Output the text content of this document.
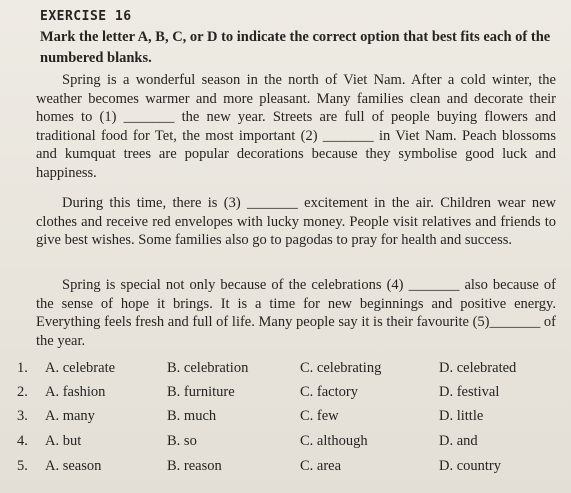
EXERCISE 16
Mark the letter A, B, C, or D to indicate the correct option that best fits each of the numbered blanks.
Spring is a wonderful season in the north of Viet Nam. After a cold winter, the weather becomes warmer and more pleasant. Many families clean and decorate their homes to (1) _______ the new year. Streets are full of people buying flowers and traditional food for Tet, the most important (2) _______ in Viet Nam. Peach blossoms and kumquat trees are popular decorations because they symbolise good luck and happiness.
During this time, there is (3) _______ excitement in the air. Children wear new clothes and receive red envelopes with lucky money. People visit relatives and friends to give best wishes. Some families also go to pagodas to pray for health and success.
Spring is special not only because of the celebrations (4) _______ also because of the sense of hope it brings. It is a time for new beginnings and positive energy. Everything feels fresh and full of life. Many people say it is their favourite (5)_______ of the year.
1. A. celebrate	B. celebration	C. celebrating	D. celebrated
2. A. fashion	B. furniture	C. factory	D. festival
3. A. many	B. much	C. few	D. little
4. A. but	B. so	C. although	D. and
5. A. season	B. reason	C. area	D. country
